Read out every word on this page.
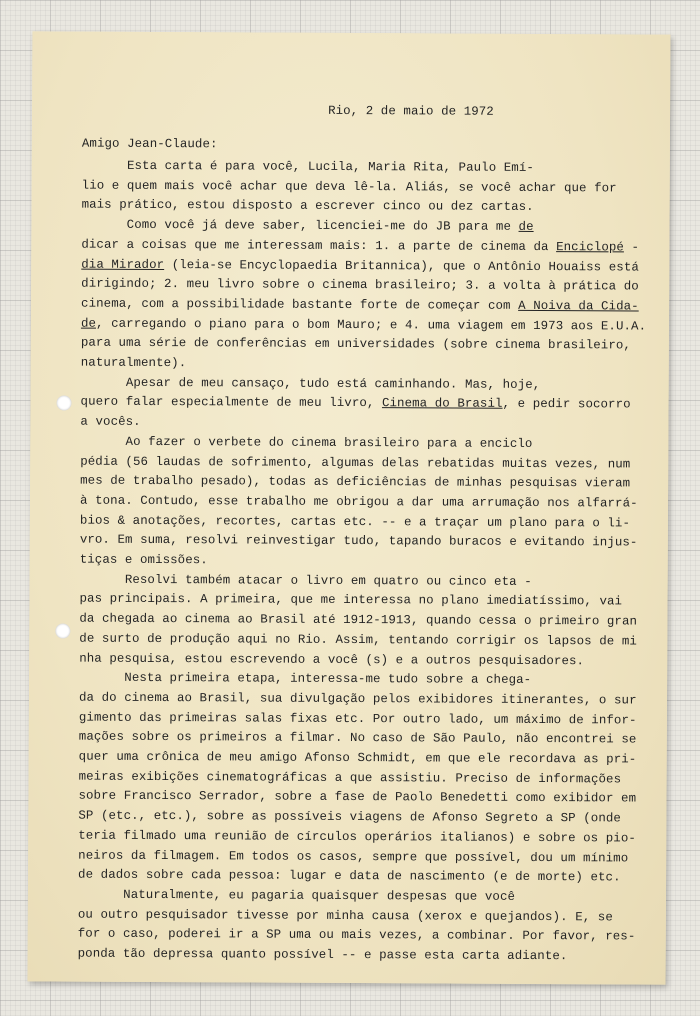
Rio, 2 de maio de 1972
Amigo Jean-Claude:
Esta carta é para você, Lucila, Maria Rita, Paulo Emí-
lio e quem mais você achar que deva lê-la. Aliás, se você achar que for
mais prático, estou disposto a escrever cinco ou dez cartas.
Como você já deve saber, licenciei-me do JB para me de
dicar a coisas que me interessam mais: 1. a parte de cinema da Enciclopé -
dia Mirador (leia-se Encyclopaedia Britannica), que o Antônio Houaiss está
dirigindo; 2. meu livro sobre o cinema brasileiro; 3. a volta à prática do
cinema, com a possibilidade bastante forte de começar com A Noiva da Cida-
de, carregando o piano para o bom Mauro; e 4. uma viagem em 1973 aos E.U.A.
para uma série de conferências em universidades (sobre cinema brasileiro,
naturalmente).
Apesar de meu cansaço, tudo está caminhando. Mas, hoje,
quero falar especialmente de meu livro, Cinema do Brasil, e pedir socorro
a vocês.
Ao fazer o verbete do cinema brasileiro para a enciclo
pédia (56 laudas de sofrimento, algumas delas rebatidas muitas vezes, num
mes de trabalho pesado), todas as deficiências de minhas pesquisas vieram
à tona. Contudo, esse trabalho me obrigou a dar uma arrumação nos alfarrá-
bios & anotações, recortes, cartas etc. -- e a traçar um plano para o li-
vro. Em suma, resolvi reinvestigar tudo, tapando buracos e evitando injus-
tiças e omissões.
Resolvi também atacar o livro em quatro ou cinco eta -
pas principais. A primeira, que me interessa no plano imediatíssimo, vai
da chegada ao cinema ao Brasil até 1912-1913, quando cessa o primeiro gran
de surto de produção aqui no Rio. Assim, tentando corrigir os lapsos de mi
nha pesquisa, estou escrevendo a você (s) e a outros pesquisadores.
Nesta primeira etapa, interessa-me tudo sobre a chega-
da do cinema ao Brasil, sua divulgação pelos exibidores itinerantes, o sur
gimento das primeiras salas fixas etc. Por outro lado, um máximo de infor-
mações sobre os primeiros a filmar. No caso de São Paulo, não encontrei se
quer uma crônica de meu amigo Afonso Schmidt, em que ele recordava as pri-
meiras exibições cinematográficas a que assistiu. Preciso de informações
sobre Francisco Serrador, sobre a fase de Paolo Benedetti como exibidor em
SP (etc., etc.), sobre as possíveis viagens de Afonso Segreto a SP (onde
teria filmado uma reunião de círculos operários italianos) e sobre os pio-
neiros da filmagem. Em todos os casos, sempre que possível, dou um mínimo
de dados sobre cada pessoa: lugar e data de nascimento (e de morte) etc.
Naturalmente, eu pagaria quaisquer despesas que você
ou outro pesquisador tivesse por minha causa (xerox e quejandos). E, se
for o caso, poderei ir a SP uma ou mais vezes, a combinar. Por favor, res-
ponda tão depressa quanto possível -- e passe esta carta adiante.
